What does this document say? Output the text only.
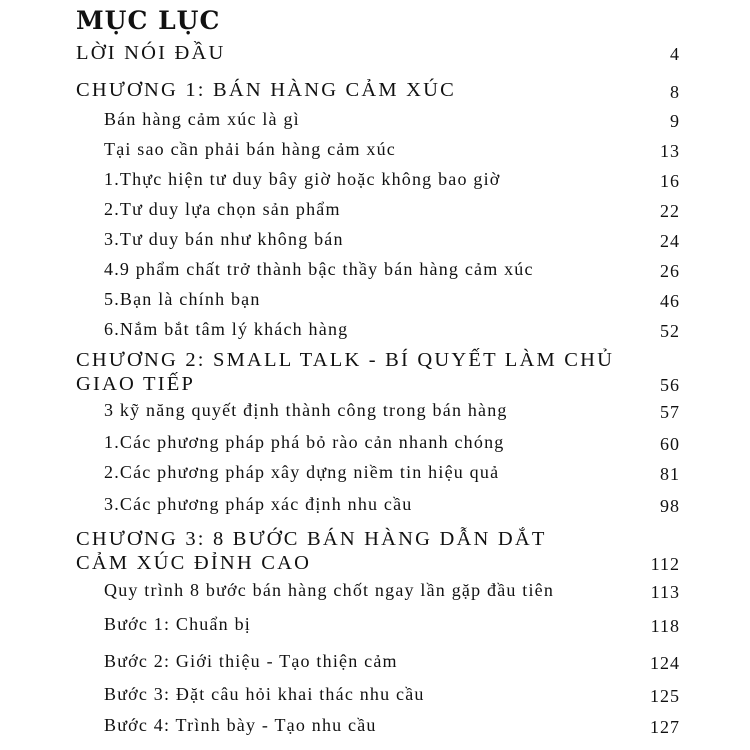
MỤC LỤC
LỜI NÓI ĐẦU	4
CHƯƠNG 1: BÁN HÀNG CẢM XÚC	8
Bán hàng cảm xúc là gì	9
Tại sao cần phải bán hàng cảm xúc	13
1.Thực hiện tư duy bây giờ hoặc không bao giờ	16
2.Tư duy lựa chọn sản phẩm	22
3.Tư duy bán như không bán	24
4.9 phẩm chất trở thành bậc thầy bán hàng cảm xúc	26
5.Bạn là chính bạn	46
6.Nắm bắt tâm lý khách hàng	52
CHƯƠNG 2: SMALL TALK - BÍ QUYẾT LÀM CHỦ
GIAO TIẾP	56
3 kỹ năng quyết định thành công trong bán hàng	57
1.Các phương pháp phá bỏ rào cản nhanh chóng	60
2.Các phương pháp xây dựng niềm tin hiệu quả	81
3.Các phương pháp xác định nhu cầu	98
CHƯƠNG 3: 8 BƯỚC BÁN HÀNG DẪN DẮT
CẢM XÚC ĐỈNH CAO	112
Quy trình 8 bước bán hàng chốt ngay lần gặp đầu tiên	113
Bước 1: Chuẩn bị	118
Bước 2: Giới thiệu - Tạo thiện cảm	124
Bước 3: Đặt câu hỏi khai thác nhu cầu	125
Bước 4: Trình bày - Tạo nhu cầu	127
